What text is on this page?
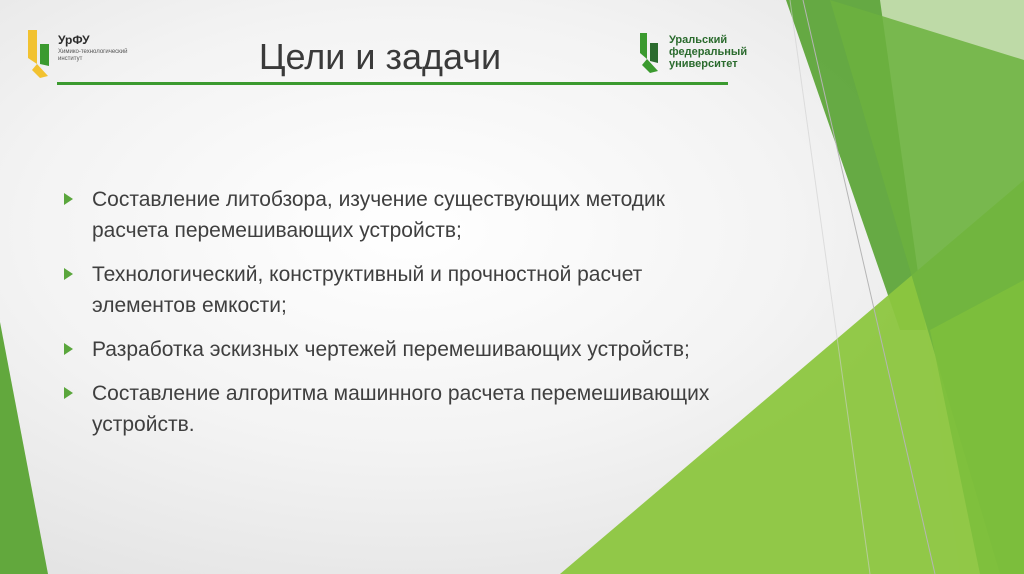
УрФУ
Химико-технологический институт	Цели и задачи	Уральский
федеральный
университет
Составление литобзора, изучение существующих методик расчета перемешивающих устройств;
Технологический, конструктивный и прочностной расчет элементов емкости;
Разработка эскизных чертежей перемешивающих устройств;
Составление алгоритма машинного расчета перемешивающих устройств.
